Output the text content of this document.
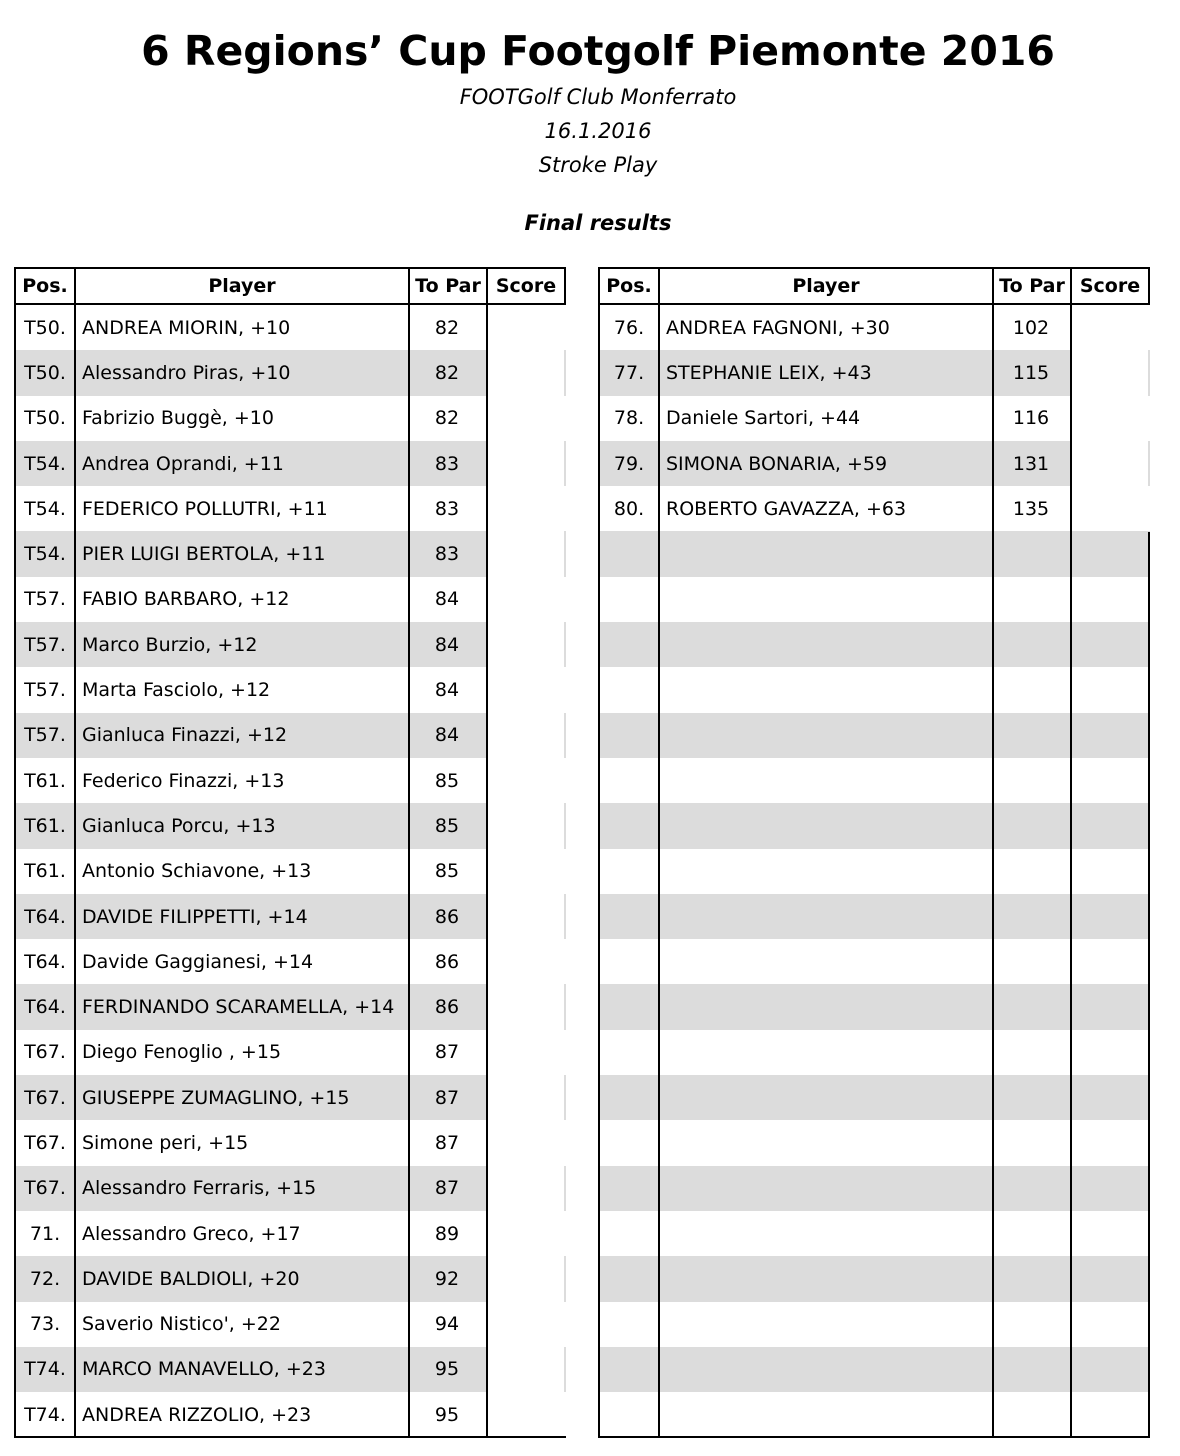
6 Regions’ Cup Footgolf Piemonte 2016
FOOTGolf Club Monferrato
16.1.2016
Stroke Play
Final results
Pos.	Player	To Par Score
T50. ANDREA MIORIN, +10	82
T50. Alessandro Piras, +10	82
T50. Fabrizio Buggè, +10	82
T54. Andrea Oprandi, +11	83
T54. FEDERICO POLLUTRI, +11	83
T54. PIER LUIGI BERTOLA, +11	83
T57. FABIO BARBARO, +12	84
T57. Marco Burzio, +12	84
T57. Marta Fasciolo, +12	84
T57. Gianluca Finazzi, +12	84
T61. Federico Finazzi, +13	85
T61. Gianluca Porcu, +13	85
T61. Antonio Schiavone, +13	85
T64. DAVIDE FILIPPETTI, +14	86
T64. Davide Gaggianesi, +14	86
T64. FERDINANDO SCARAMELLA, +14	86
T67. Diego Fenoglio , +15	87
T67. GIUSEPPE ZUMAGLINO, +15	87
T67. Simone peri, +15	87
T67. Alessandro Ferraris, +15	87
71.	Alessandro Greco, +17	89
72.	DAVIDE BALDIOLI, +20	92
73.	Saverio Nistico', +22	94
T74. MARCO MANAVELLO, +23	95
T74. ANDREA RIZZOLIO, +23	95
Pos.	Player	To Par Score
76.	ANDREA FAGNONI, +30	102
77.	STEPHANIE LEIX, +43	115
78.	Daniele Sartori, +44	116
79.	SIMONA BONARIA, +59	131
80.	ROBERTO GAVAZZA, +63	135
